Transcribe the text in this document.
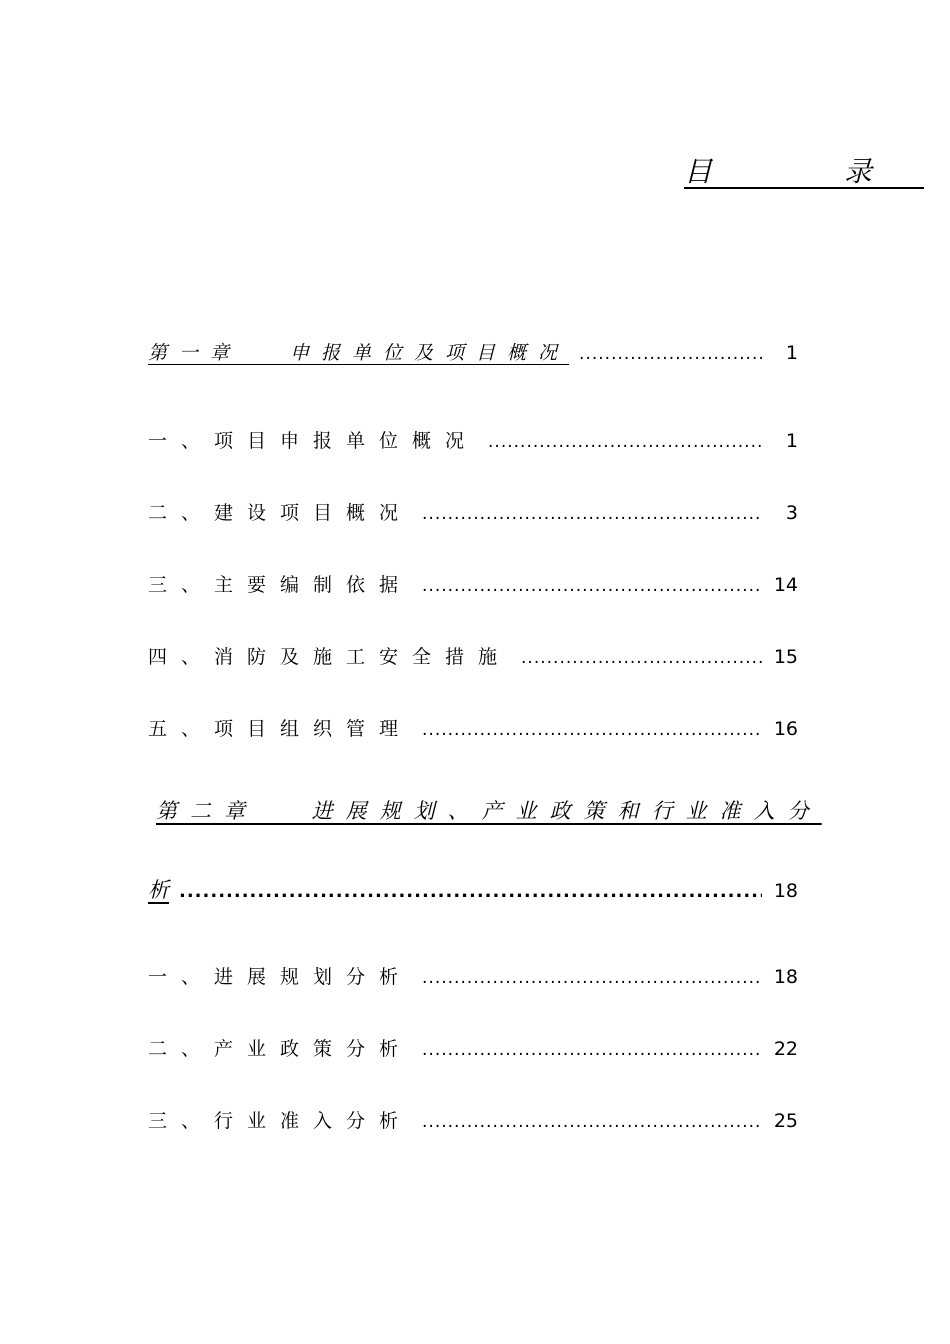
目　录
第一章　 申报单位及项目概况 .....	1
一、项目申报单位概况 .....	1
二、建设项目概况 .....	3
三、主要编制依据 .....	14
四、消防及施工安全措施 .....	15
五、项目组织管理 .....	16
第二章　 进展规划、产业政策和行业准入分
析 .....	18
一、进展规划分析 .....	18
二、产业政策分析 .....	22
三、行业准入分析 .....	25
